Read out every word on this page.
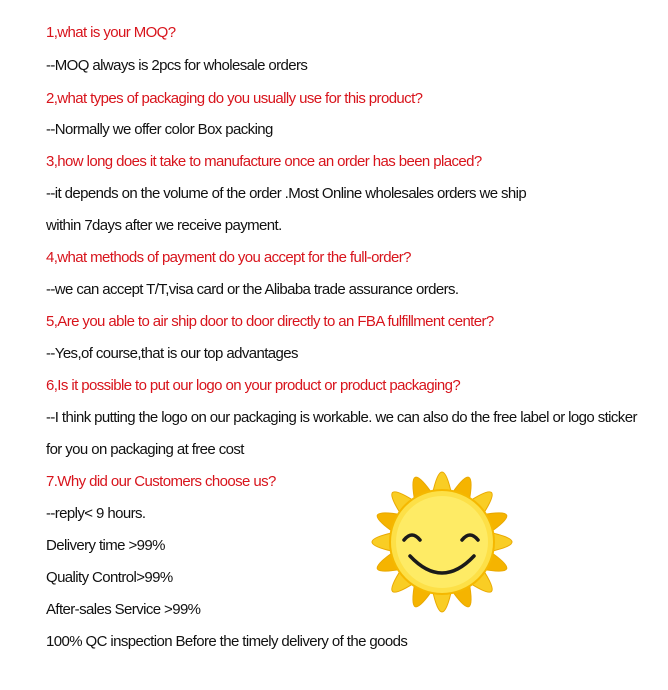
1,what is your MOQ?
--MOQ always is 2pcs for wholesale orders
2,what types of packaging do you usually use for this product?
--Normally we offer color Box packing
3,how long does it take to manufacture once an order has been placed?
--it depends on the volume of the order .Most Online wholesales orders we ship
within 7days after we receive payment.
4,what methods of payment do you accept for the full-order?
--we can accept T/T,visa card or the Alibaba trade assurance orders.
5,Are you able to air ship door to door directly to an FBA fulfillment center?
--Yes,of course,that is our top advantages
6,Is it possible to put our logo on your product or product packaging?
--I think putting the logo on our packaging is workable. we can also do the free label or logo sticker
for you on packaging at free cost
7.Why did our Customers choose us?
--reply< 9 hours.
Delivery time >99%
Quality Control>99%
After-sales Service >99%
100% QC inspection Before the timely delivery of the goods
